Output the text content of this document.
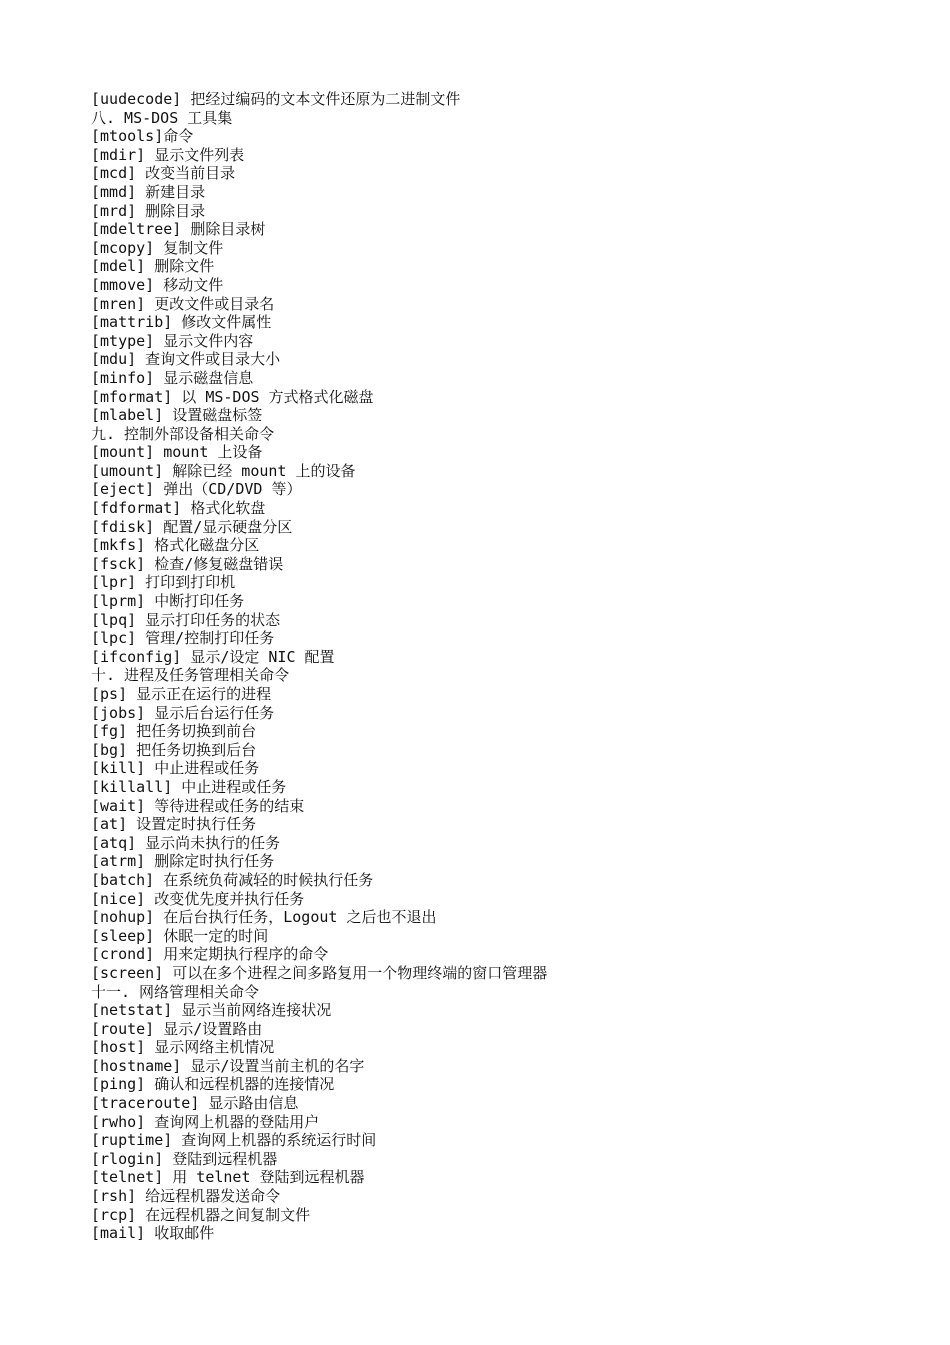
[uudecode] 把经过编码的文本文件还原为二进制文件
八. MS-DOS 工具集
[mtools]命令
[mdir] 显示文件列表
[mcd] 改变当前目录
[mmd] 新建目录
[mrd] 删除目录
[mdeltree] 删除目录树
[mcopy] 复制文件
[mdel] 删除文件
[mmove] 移动文件
[mren] 更改文件或目录名
[mattrib] 修改文件属性
[mtype] 显示文件内容
[mdu] 查询文件或目录大小
[minfo] 显示磁盘信息
[mformat] 以 MS-DOS 方式格式化磁盘
[mlabel] 设置磁盘标签
九. 控制外部设备相关命令
[mount] mount 上设备
[umount] 解除已经 mount 上的设备
[eject] 弹出（CD/DVD 等）
[fdformat] 格式化软盘
[fdisk] 配置/显示硬盘分区
[mkfs] 格式化磁盘分区
[fsck] 检查/修复磁盘错误
[lpr] 打印到打印机
[lprm] 中断打印任务
[lpq] 显示打印任务的状态
[lpc] 管理/控制打印任务
[ifconfig] 显示/设定 NIC 配置
十. 进程及任务管理相关命令
[ps] 显示正在运行的进程
[jobs] 显示后台运行任务
[fg] 把任务切换到前台
[bg] 把任务切换到后台
[kill] 中止进程或任务
[killall] 中止进程或任务
[wait] 等待进程或任务的结束
[at] 设置定时执行任务
[atq] 显示尚未执行的任务
[atrm] 删除定时执行任务
[batch] 在系统负荷减轻的时候执行任务
[nice] 改变优先度并执行任务
[nohup] 在后台执行任务，Logout 之后也不退出
[sleep] 休眠一定的时间
[crond] 用来定期执行程序的命令
[screen] 可以在多个进程之间多路复用一个物理终端的窗口管理器
十一. 网络管理相关命令
[netstat] 显示当前网络连接状况
[route] 显示/设置路由
[host] 显示网络主机情况
[hostname] 显示/设置当前主机的名字
[ping] 确认和远程机器的连接情况
[traceroute] 显示路由信息
[rwho] 查询网上机器的登陆用户
[ruptime] 查询网上机器的系统运行时间
[rlogin] 登陆到远程机器
[telnet] 用 telnet 登陆到远程机器
[rsh] 给远程机器发送命令
[rcp] 在远程机器之间复制文件
[mail] 收取邮件
